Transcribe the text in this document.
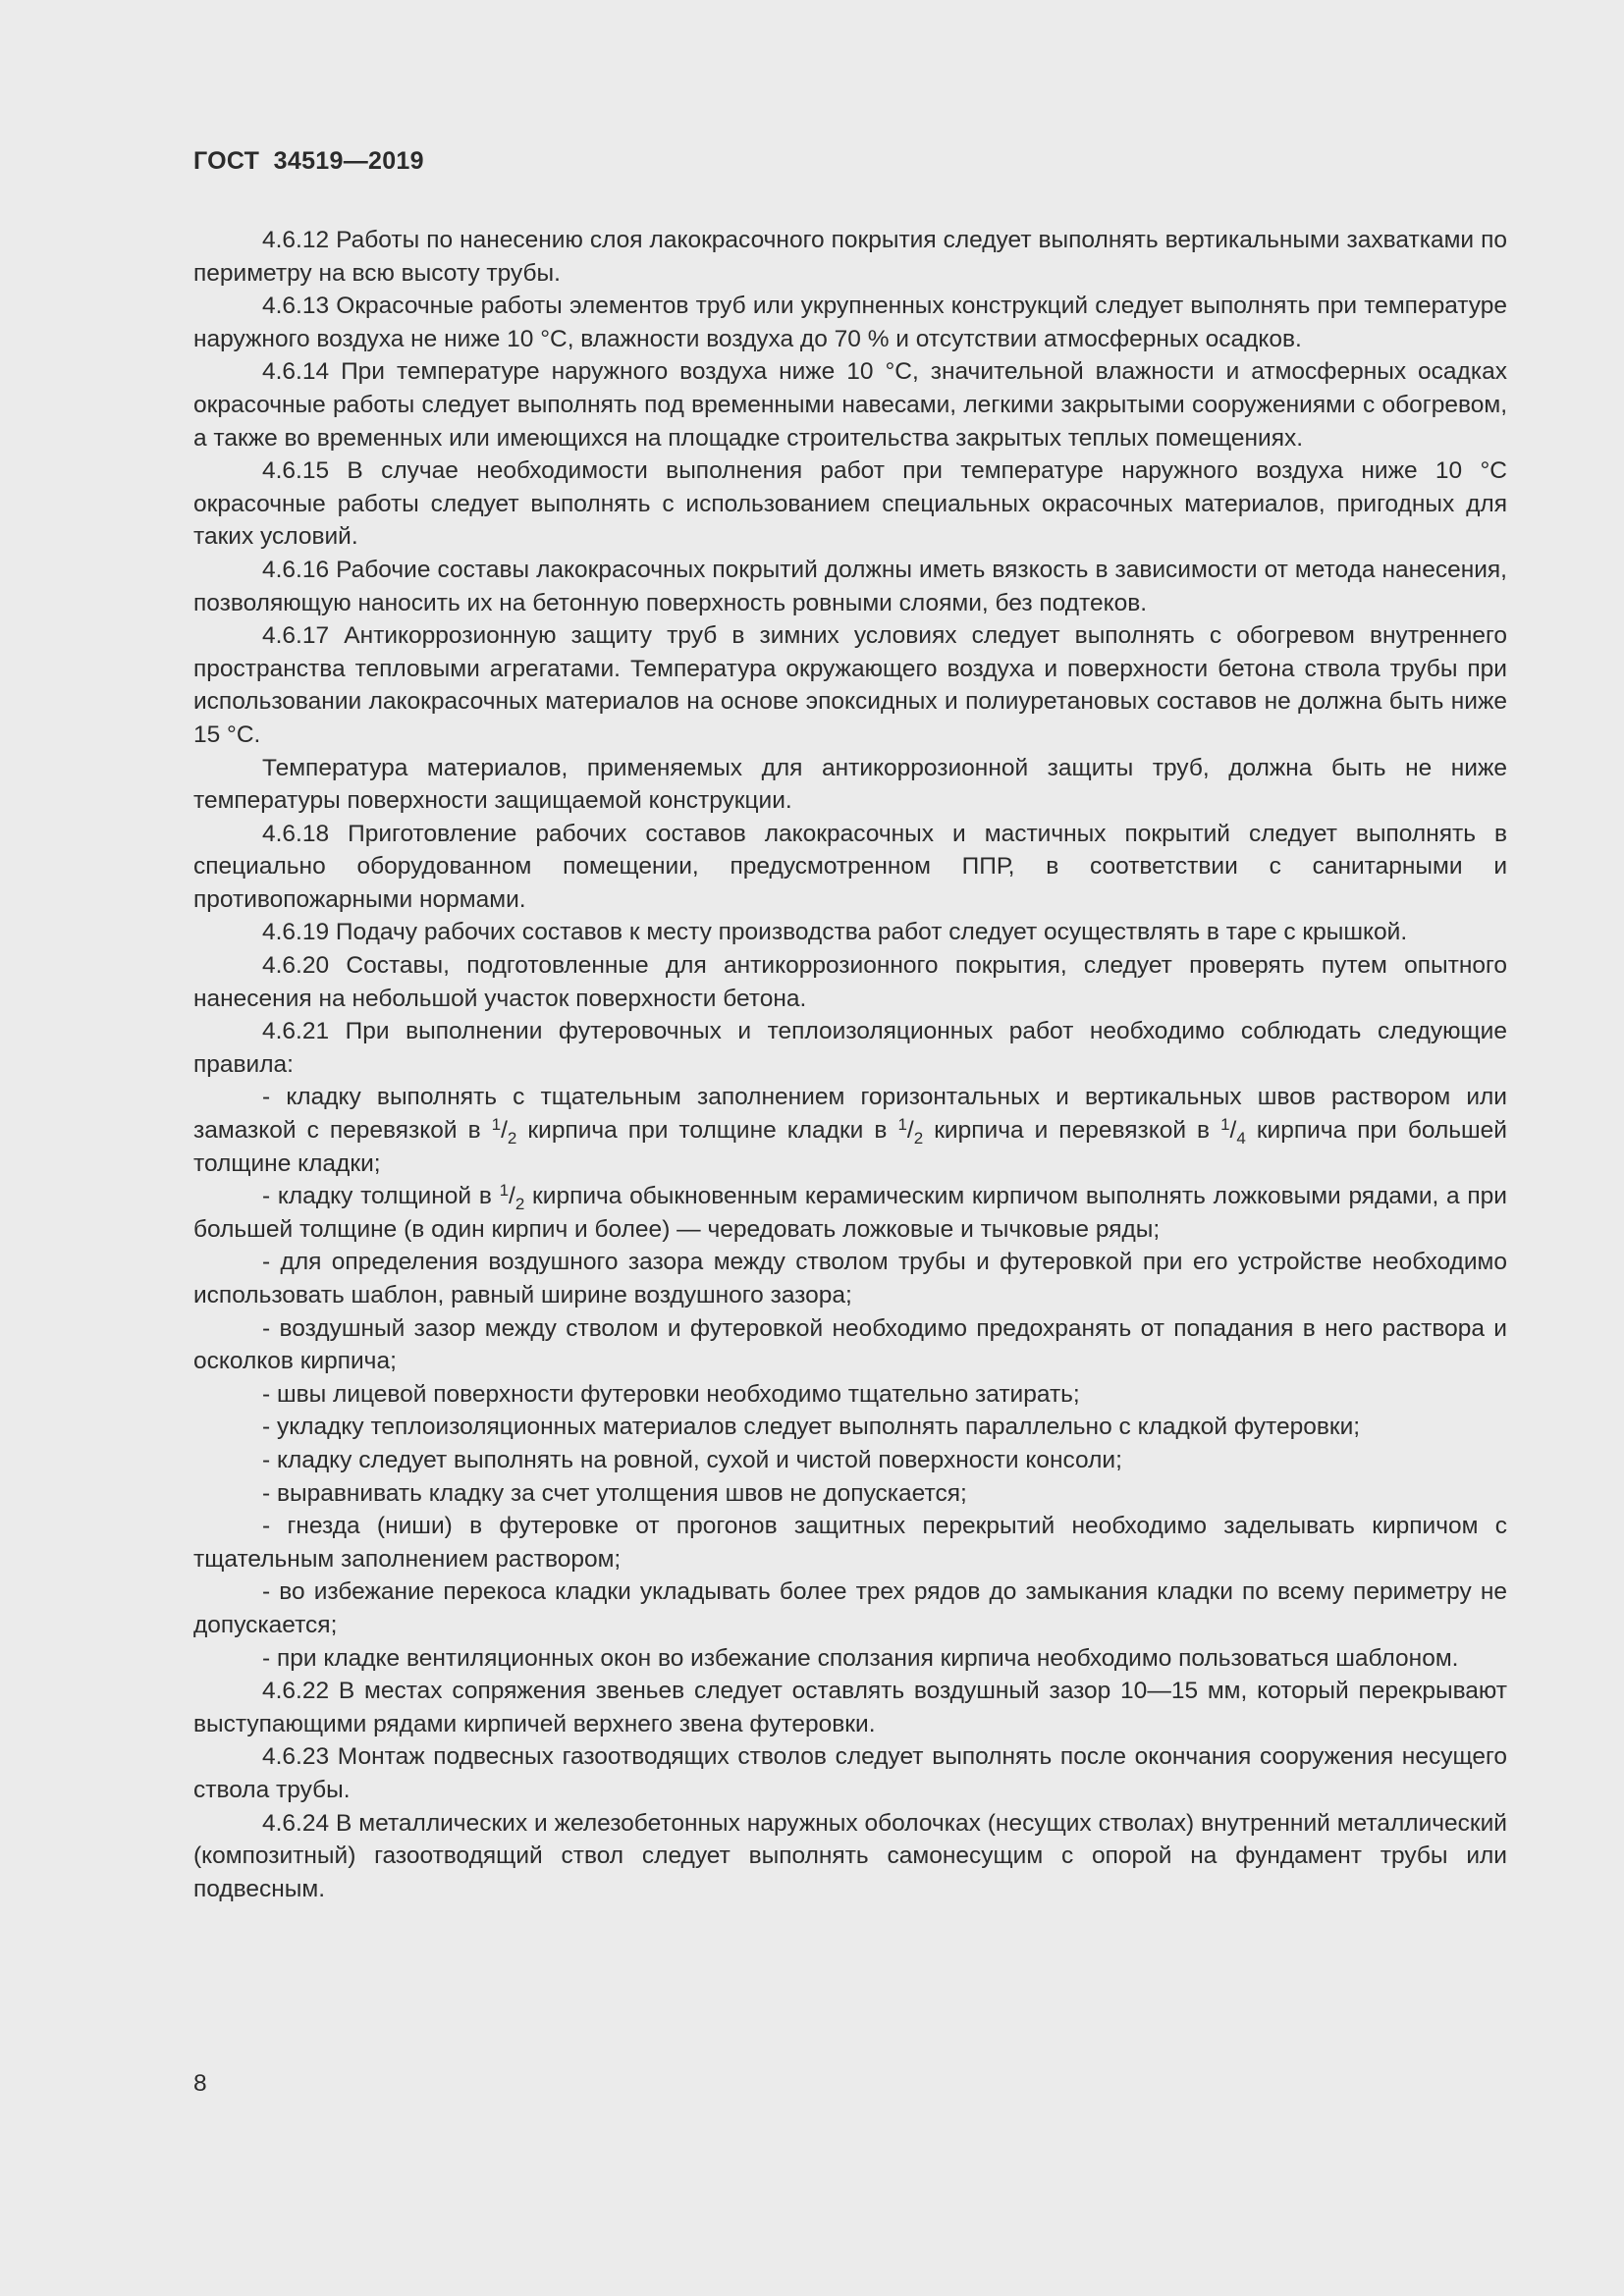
ГОСТ  34519—2019

4.6.12 Работы по нанесению слоя лакокрасочного покрытия следует выполнять вертикальными захватками по периметру на всю высоту трубы.

4.6.13 Окрасочные работы элементов труб или укрупненных конструкций следует выполнять при температуре наружного воздуха не ниже 10 °С, влажности воздуха до 70 % и отсутствии атмосферных осадков.

4.6.14 При температуре наружного воздуха ниже 10 °С, значительной влажности и атмосферных осадках окрасочные работы следует выполнять под временными навесами, легкими закрытыми сооружениями с обогревом, а также во временных или имеющихся на площадке строительства закрытых теплых помещениях.

4.6.15 В случае необходимости выполнения работ при температуре наружного воздуха ниже 10 °С окрасочные работы следует выполнять с использованием специальных окрасочных материалов, пригодных для таких условий.

4.6.16 Рабочие составы лакокрасочных покрытий должны иметь вязкость в зависимости от метода нанесения, позволяющую наносить их на бетонную поверхность ровными слоями, без подтеков.

4.6.17 Антикоррозионную защиту труб в зимних условиях следует выполнять с обогревом внутреннего пространства тепловыми агрегатами. Температура окружающего воздуха и поверхности бетона ствола трубы при использовании лакокрасочных материалов на основе эпоксидных и полиуретановых составов не должна быть ниже 15 °С.

Температура материалов, применяемых для антикоррозионной защиты труб, должна быть не ниже температуры поверхности защищаемой конструкции.

4.6.18 Приготовление рабочих составов лакокрасочных и мастичных покрытий следует выполнять в специально оборудованном помещении, предусмотренном ППР, в соответствии с санитарными и противопожарными нормами.

4.6.19 Подачу рабочих составов к месту производства работ следует осуществлять в таре с крышкой.

4.6.20 Составы, подготовленные для антикоррозионного покрытия, следует проверять путем опытного нанесения на небольшой участок поверхности бетона.

4.6.21 При выполнении футеровочных и теплоизоляционных работ необходимо соблюдать следующие правила:

- кладку выполнять с тщательным заполнением горизонтальных и вертикальных швов раствором или замазкой с перевязкой в $^1/_2$ кирпича при толщине кладки в $^1/_2$ кирпича и перевязкой в $^1/_4$ кирпича при большей толщине кладки;

- кладку толщиной в $^1/_2$ кирпича обыкновенным керамическим кирпичом выполнять ложковыми рядами, а при большей толщине (в один кирпич и более) — чередовать ложковые и тычковые ряды;

- для определения воздушного зазора между стволом трубы и футеровкой при его устройстве необходимо использовать шаблон, равный ширине воздушного зазора;

- воздушный зазор между стволом и футеровкой необходимо предохранять от попадания в него раствора и осколков кирпича;

- швы лицевой поверхности футеровки необходимо тщательно затирать;

- укладку теплоизоляционных материалов следует выполнять параллельно с кладкой футеровки;

- кладку следует выполнять на ровной, сухой и чистой поверхности консоли;

- выравнивать кладку за счет утолщения швов не допускается;

- гнезда (ниши) в футеровке от прогонов защитных перекрытий необходимо заделывать кирпичом с тщательным заполнением раствором;

- во избежание перекоса кладки укладывать более трех рядов до замыкания кладки по всему периметру не допускается;

- при кладке вентиляционных окон во избежание сползания кирпича необходимо пользоваться шаблоном.

4.6.22 В местах сопряжения звеньев следует оставлять воздушный зазор 10—15 мм, который перекрывают выступающими рядами кирпичей верхнего звена футеровки.

4.6.23 Монтаж подвесных газоотводящих стволов следует выполнять после окончания сооружения несущего ствола трубы.

4.6.24 В металлических и железобетонных наружных оболочках (несущих стволах) внутренний металлический (композитный) газоотводящий ствол следует выполнять самонесущим с опорой на фундамент трубы или подвесным.

8
